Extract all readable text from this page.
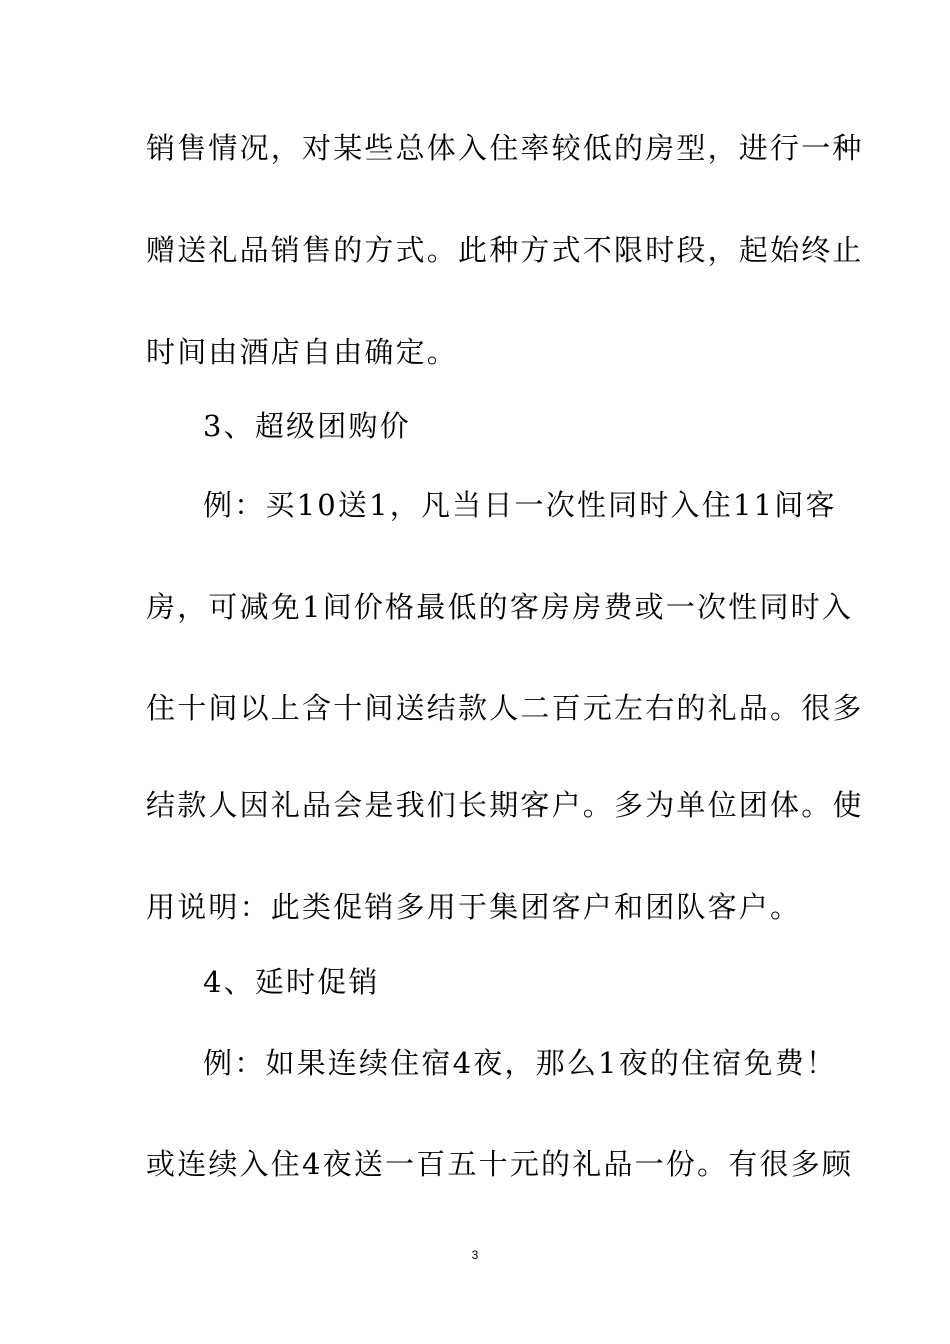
销售情况，对某些总体入住率较低的房型，进行一种
赠送礼品销售的方式。此种方式不限时段，起始终止
时间由酒店自由确定。
3、超级团购价
例：买10送1，凡当日一次性同时入住11间客
房，可减免1间价格最低的客房房费或一次性同时入
住十间以上含十间送结款人二百元左右的礼品。很多
结款人因礼品会是我们长期客户。多为单位团体。使
用说明：此类促销多用于集团客户和团队客户。
4、延时促销
例：如果连续住宿4夜，那么1夜的住宿免费！
或连续入住4夜送一百五十元的礼品一份。有很多顾
3
